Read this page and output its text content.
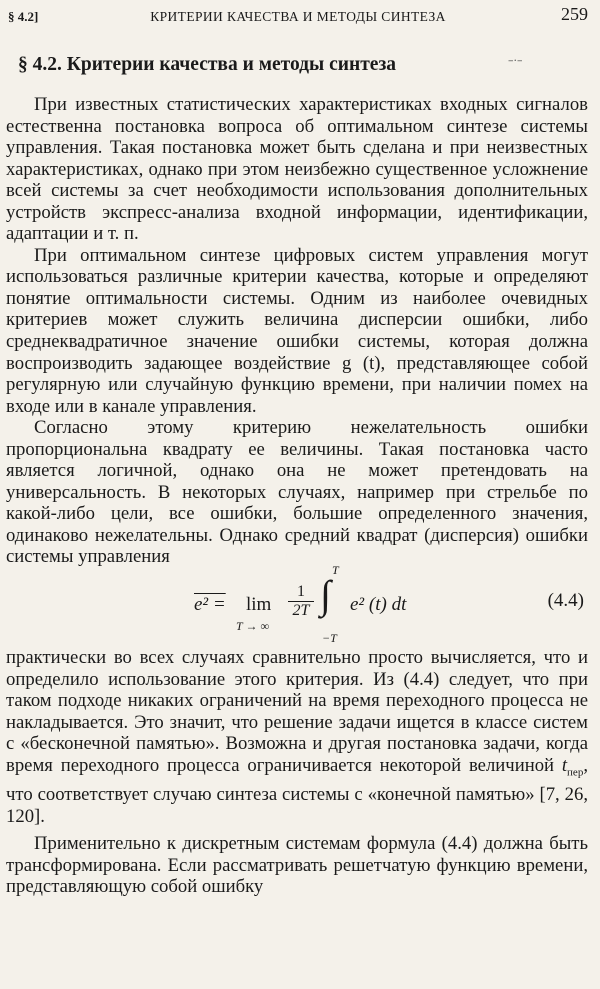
§ 4.2]	КРИТЕРИИ КАЧЕСТВА И МЕТОДЫ СИНТЕЗА	259
§ 4.2. Критерии качества и методы синтеза	–·–

При известных статистических характеристиках входных сигналов естественна постановка вопроса об оптимальном синтезе системы управления. Такая постановка может быть сделана и при неизвестных характеристиках, однако при этом неизбежно существенное усложнение всей системы за счет необходимости использования дополнительных устройств экспресс-анализа входной информации, идентификации, адаптации и т. п.

При оптимальном синтезе цифровых систем управления могут использоваться различные критерии качества, которые и определяют понятие оптимальности системы. Одним из наиболее очевидных критериев может служить величина дисперсии ошибки, либо среднеквадратичное значение ошибки системы, которая должна воспроизводить задающее воздействие g (t), представляющее собой регулярную или случайную функцию времени, при наличии помех на входе или в канале управления.

Согласно этому критерию нежелательность ошибки пропорциональна квадрату ее величины. Такая постановка часто является логичной, однако она не может претендовать на универсальность. В некоторых случаях, например при стрельбе по какой-либо цели, все ошибки, большие определенного значения, одинаково нежелательны. Однако средний квадрат (дисперсия) ошибки системы управления

e² = lim
T → ∞
$\frac{1}{2T}$
T
∫
−T
e² (t) dt	(4.4)

практически во всех случаях сравнительно просто вычисляется, что и определило использование этого критерия. Из (4.4) следует, что при таком подходе никаких ограничений на время переходного процесса не накладывается. Это значит, что решение задачи ищется в классе систем с «бесконечной памятью». Возможна и другая постановка задачи, когда время переходного процесса ограничивается некоторой величиной $t_{пер}$, что соответствует случаю синтеза системы с «конечной памятью» [7, 26, 120].

Применительно к дискретным системам формула (4.4) должна быть трансформирована. Если рассматривать решетчатую функцию времени, представляющую собой ошибку
